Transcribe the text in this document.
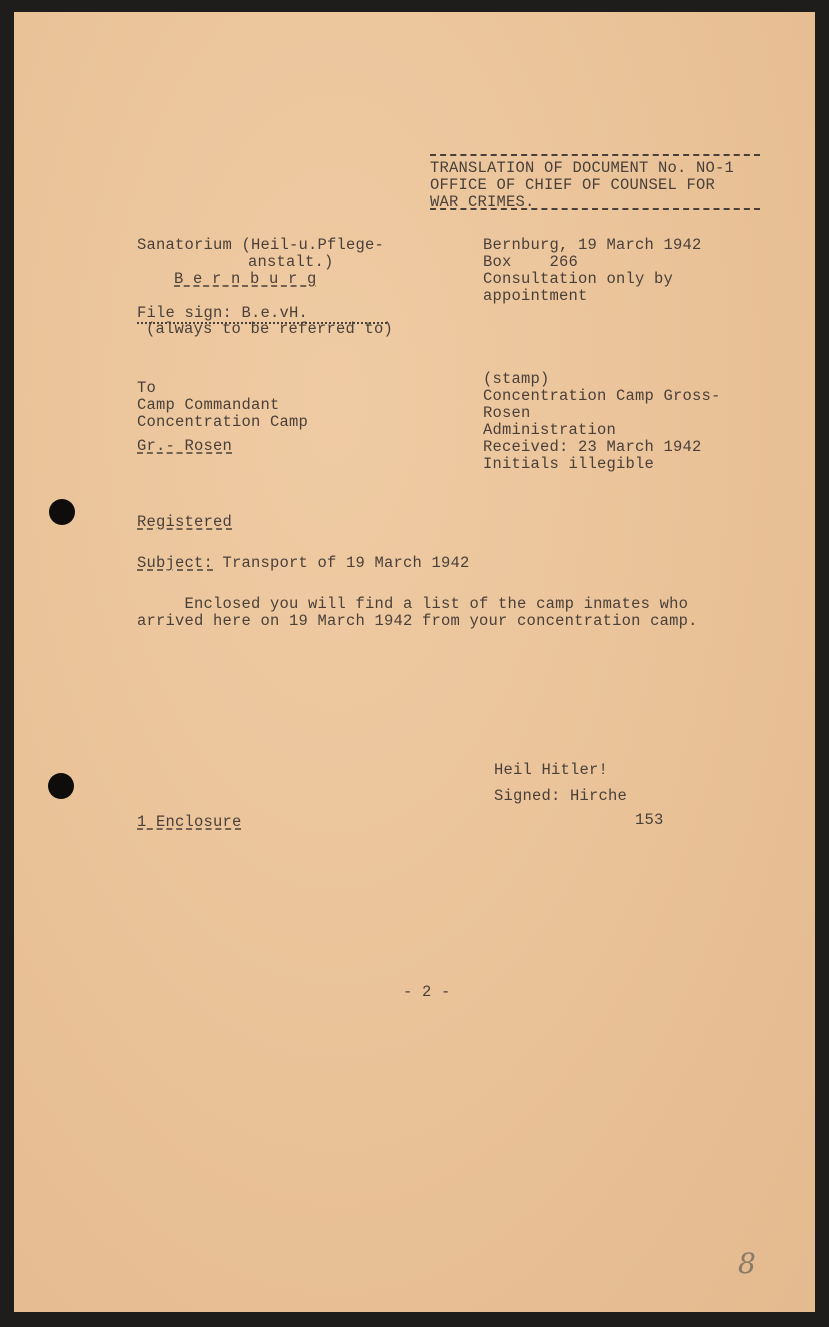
TRANSLATION OF DOCUMENT No. NO-1
OFFICE OF CHIEF OF COUNSEL FOR
WAR CRIMES.
Sanatorium (Heil-u.Pflege-
anstalt.)
B e r n b u r g
File sign: B.e.vH.
(always to be referred to)
Bernburg, 19 March 1942
Box    266
Consultation only by
appointment
To
Camp Commandant
Concentration Camp
Gr.- Rosen
(stamp)
Concentration Camp Gross-
Rosen
Administration
Received: 23 March 1942
Initials illegible
Registered
Subject: Transport of 19 March 1942
Enclosed you will find a list of the camp inmates who
arrived here on 19 March 1942 from your concentration camp.
Heil Hitler!
Signed: Hirche
153
1 Enclosure
- 2 -
8
